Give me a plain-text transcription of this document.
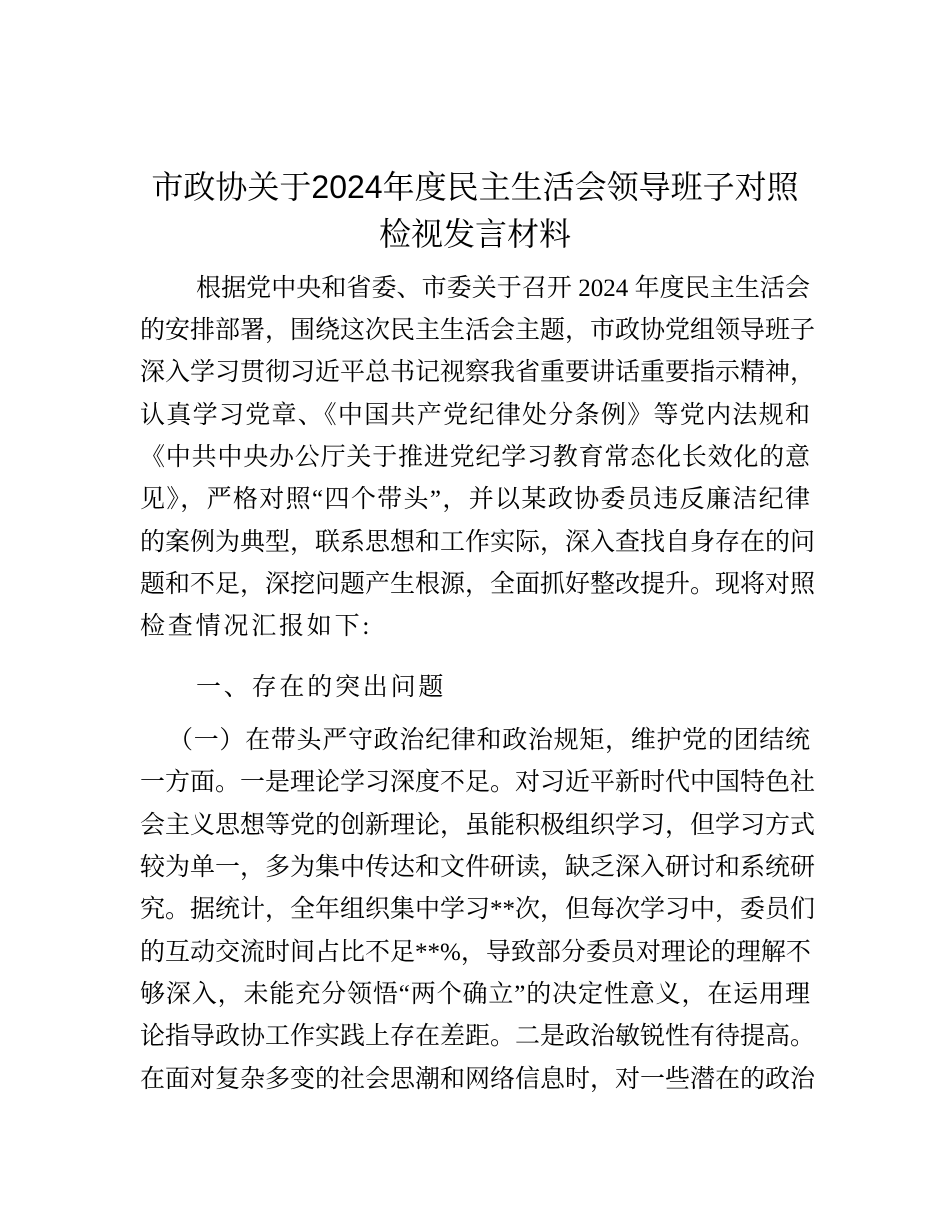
市政协关于2024年度民主生活会领导班子对照
检视发言材料
根据党中央和省委、市委关于召开 2024 年度民主生活会
的安排部署，围绕这次民主生活会主题，市政协党组领导班子
深入学习贯彻习近平总书记视察我省重要讲话重要指示精神，
认真学习党章、《中国共产党纪律处分条例》等党内法规和
《中共中央办公厅关于推进党纪学习教育常态化长效化的意
见》，严格对照“四个带头”，并以某政协委员违反廉洁纪律
的案例为典型，联系思想和工作实际，深入查找自身存在的问
题和不足，深挖问题产生根源，全面抓好整改提升。现将对照
检查情况汇报如下:
一、存在的突出问题
（一）在带头严守政治纪律和政治规矩，维护党的团结统
一方面。一是理论学习深度不足。对习近平新时代中国特色社
会主义思想等党的创新理论，虽能积极组织学习，但学习方式
较为单一，多为集中传达和文件研读，缺乏深入研讨和系统研
究。据统计，全年组织集中学习**次，但每次学习中，委员们
的互动交流时间占比不足**%，导致部分委员对理论的理解不
够深入，未能充分领悟“两个确立”的决定性意义，在运用理
论指导政协工作实践上存在差距。二是政治敏锐性有待提高。
在面对复杂多变的社会思潮和网络信息时，对一些潜在的政治
